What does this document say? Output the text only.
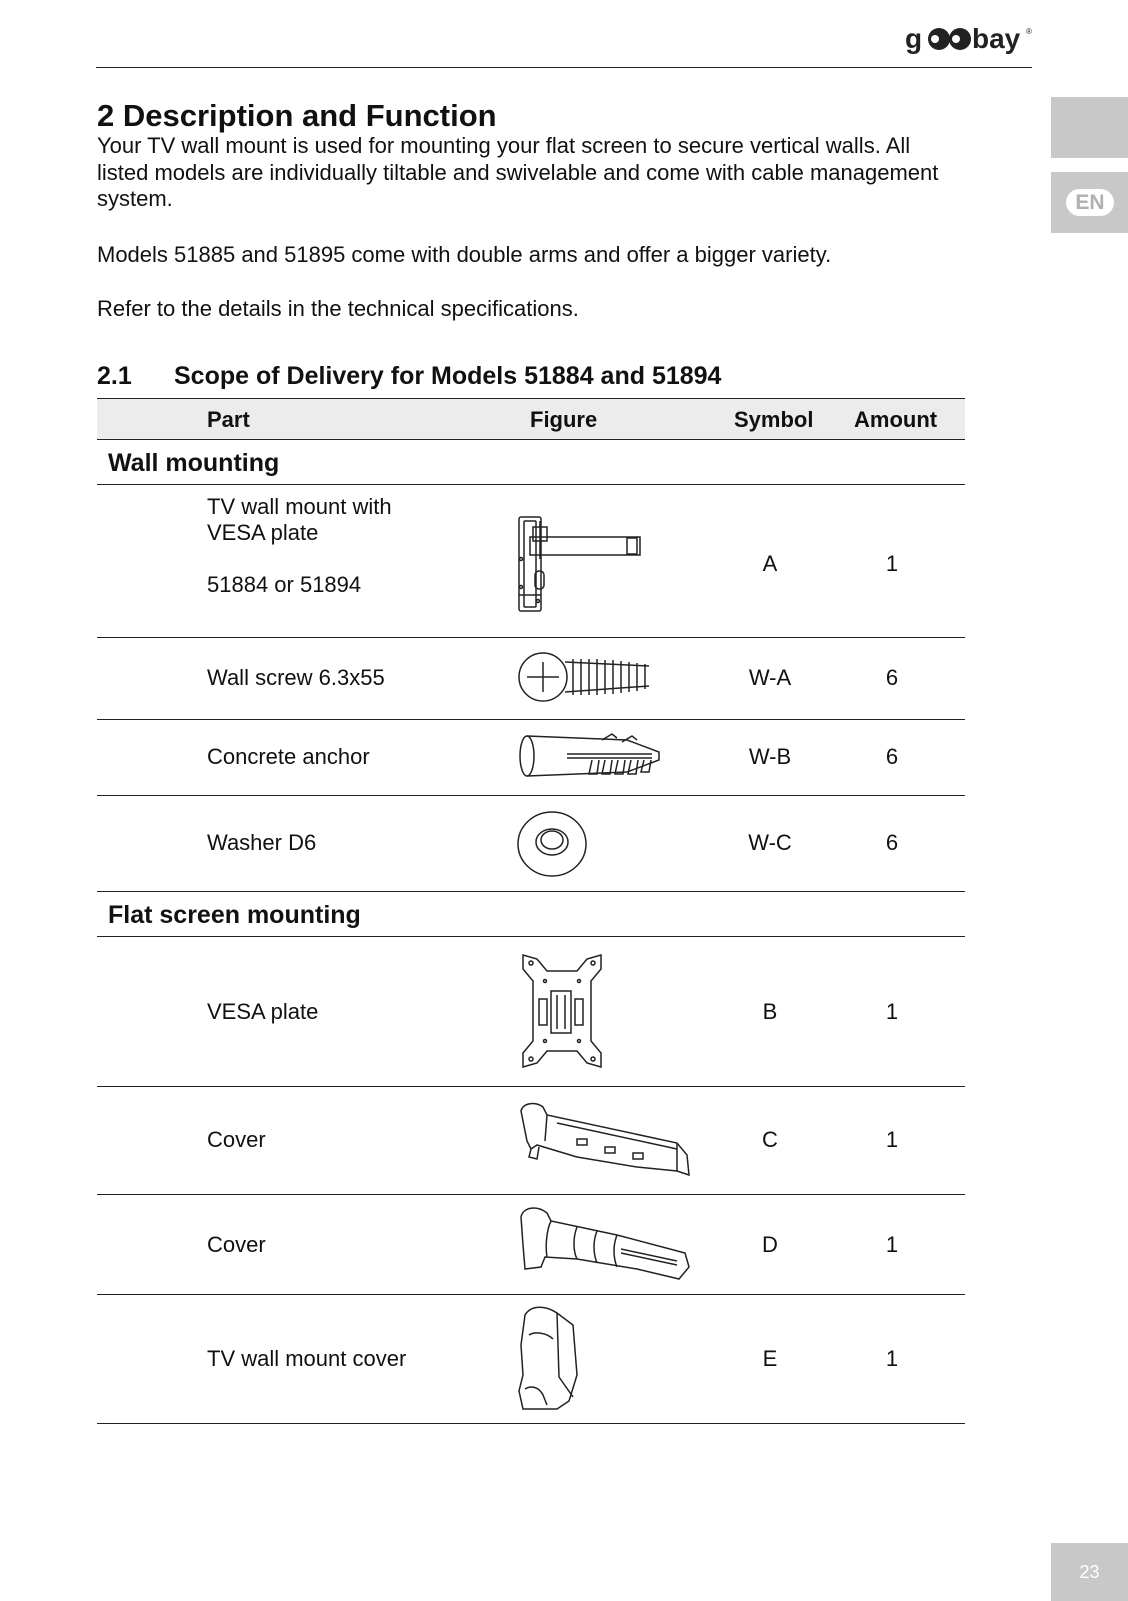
g bay ®
EN
2 Description and Function

Your TV wall mount is used for mounting your flat screen to secure vertical walls. All listed models are individually tiltable and swivelable and come with cable management system.

Models 51885 and 51895 come with double arms and offer a bigger variety.

Refer to the details in the technical specifications.

2.1 Scope of Delivery for Models 51884 and 51894
Part	Figure	Symbol Amount
Wall mounting
TV wall mount with
VESA plate
51884 or 51894
A	1
Wall screw 6.3x55	W-A	6
Concrete anchor	W-B	6
Washer D6	W-C	6
Flat screen mounting
VESA plate	B	1
Cover	C	1
Cover	D	1
TV wall mount cover	E	1
23
